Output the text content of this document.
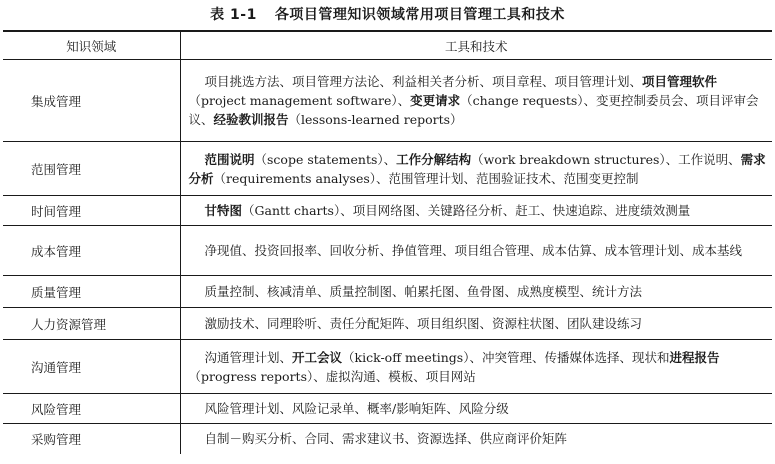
表 1-1 各项目管理知识领域常用项目管理工具和技术
知识领域	工具和技术
集成管理	项目挑选方法、项目管理方法论、利益相关者分析、项目章程、项目管理计划、项目管理软件（project management software）、变更请求（change requests）、变更控制委员会、项目评审会议、经验教训报告（lessons-learned reports）
范围管理	范围说明（scope statements）、工作分解结构（work breakdown structures）、工作说明、需求分析（requirements analyses）、范围管理计划、范围验证技术、范围变更控制
时间管理	甘特图（Gantt charts）、项目网络图、关键路径分析、赶工、快速追踪、进度绩效测量
成本管理	净现值、投资回报率、回收分析、挣值管理、项目组合管理、成本估算、成本管理计划、成本基线
质量管理	质量控制、核减清单、质量控制图、帕累托图、鱼骨图、成熟度模型、统计方法
人力资源管理	激励技术、同理聆听、责任分配矩阵、项目组织图、资源柱状图、团队建设练习
沟通管理	沟通管理计划、开工会议（kick-off meetings）、冲突管理、传播媒体选择、现状和进程报告（progress reports）、虚拟沟通、模板、项目网站
风险管理	风险管理计划、风险记录单、概率/影响矩阵、风险分级
采购管理	自制－购买分析、合同、需求建议书、资源选择、供应商评价矩阵
